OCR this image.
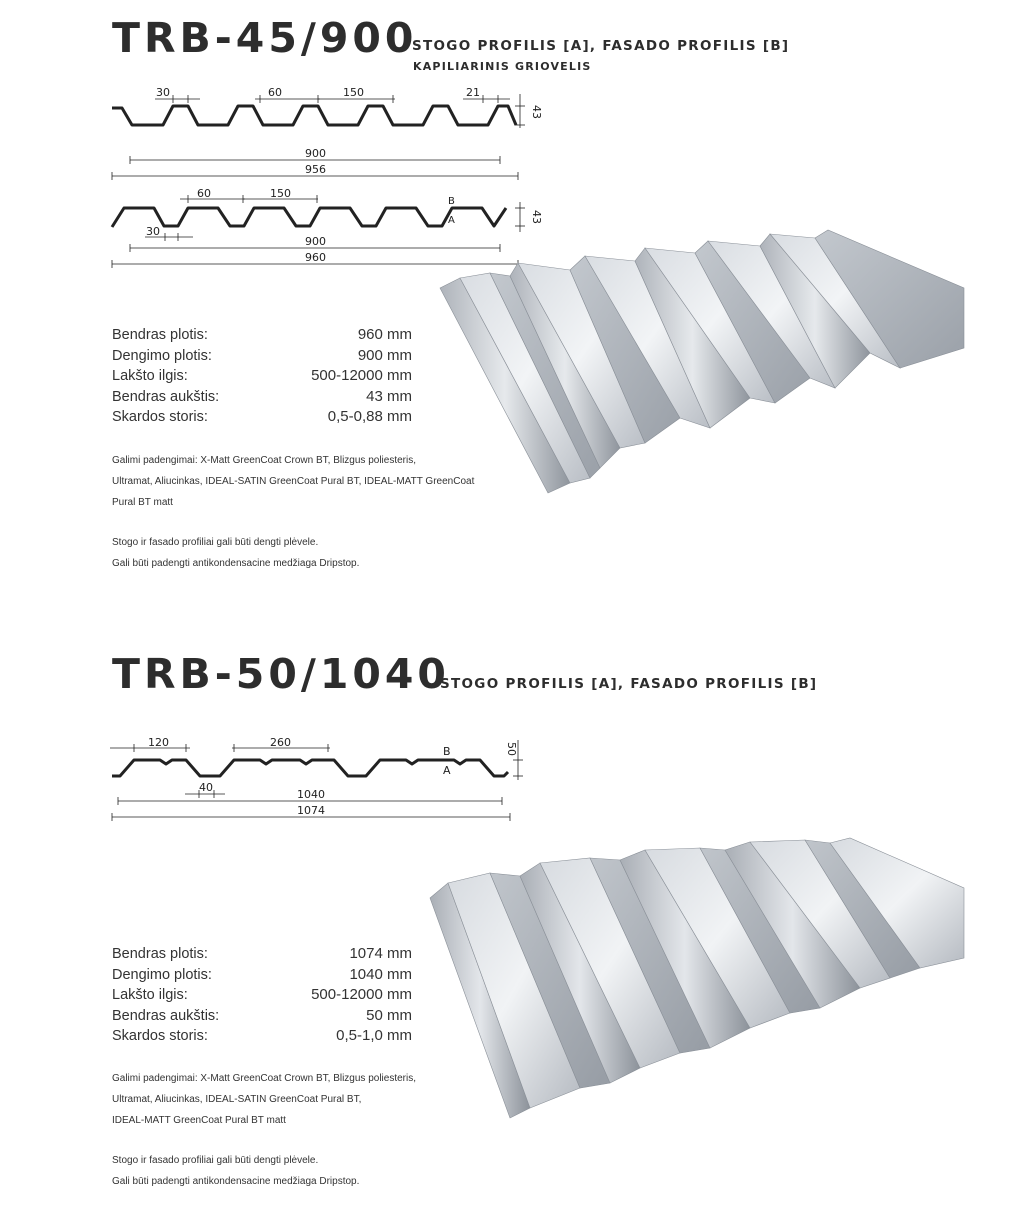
TRB-45/900
STOGO PROFILIS [A], FASADO PROFILIS [B]
KAPILIARINIS GRIOVELIS
30	60	150	21
43
900
956
60	150
B
A	43
30
900
960
Bendras plotis:	960 mm
Dengimo plotis:	900 mm
Lakšto ilgis:	500-12000 mm
Bendras aukštis:	43 mm
Skardos storis:	0,5-0,88 mm

Galimi padengimai: X-Matt GreenCoat Crown BT, Blizgus poliesteris,

Ultramat, Aliucinkas, IDEAL-SATIN GreenCoat Pural BT, IDEAL-MATT GreenCoat

Pural BT matt

Stogo ir fasado profiliai gali būti dengti plėvele.

Gali būti padengti antikondensacine medžiaga Dripstop.

TRB-50/1040
STOGO PROFILIS [A], FASADO PROFILIS [B]
120	260
B
A
50
40
1040
1074
Bendras plotis:	1074 mm
Dengimo plotis:	1040 mm
Lakšto ilgis:	500-12000 mm
Bendras aukštis:	50 mm
Skardos storis:	0,5-1,0 mm

Galimi padengimai: X-Matt GreenCoat Crown BT, Blizgus poliesteris,

Ultramat, Aliucinkas, IDEAL-SATIN GreenCoat Pural BT,

IDEAL-MATT GreenCoat Pural BT matt

Stogo ir fasado profiliai gali būti dengti plėvele.

Gali būti padengti antikondensacine medžiaga Dripstop.
